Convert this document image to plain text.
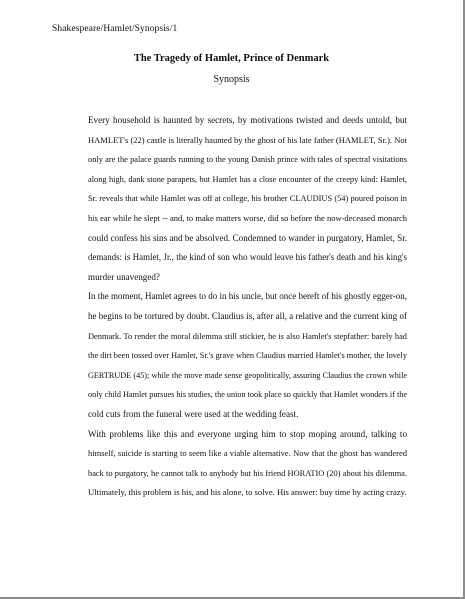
Shakespeare/Hamlet/Synopsis/1
The Tragedy of Hamlet, Prince of Denmark
Synopsis
Every household is haunted by secrets, by motivations twisted and deeds untold, but
HAMLET's (22) castle is literally haunted by the ghost of his late father (HAMLET, Sr.). Not
only are the palace guards running to the young Danish prince with tales of spectral visitations
along high, dank stone parapets, but Hamlet has a close encounter of the creepy kind: Hamlet,
Sr. reveals that while Hamlet was off at college, his brother CLAUDIUS (54) poured poison in
his ear while he slept -- and, to make matters worse, did so before the now-deceased monarch
could confess his sins and be absolved. Condemned to wander in purgatory, Hamlet, Sr.
demands: is Hamlet, Jr., the kind of son who would leave his father's death and his king's
murder unavenged?
In the moment, Hamlet agrees to do in his uncle, but once bereft of his ghostly egger-on,
he begins to be tortured by doubt. Claudius is, after all, a relative and the current king of
Denmark. To render the moral dilemma still stickier, he is also Hamlet's stepfather: barely had
the dirt been tossed over Hamlet, Sr.'s grave when Claudius married Hamlet's mother, the lovely
GERTRUDE (45); while the move made sense geopolitically, assuring Claudius the crown while
only child Hamlet pursues his studies, the union took place so quickly that Hamlet wonders if the
cold cuts from the funeral were used at the wedding feast.
With problems like this and everyone urging him to stop moping around, talking to
himself, suicide is starting to seem like a viable alternative. Now that the ghost has wandered
back to purgatory, he cannot talk to anybody but his friend HORATIO (20) about his dilemma.
Ultimately, this problem is his, and his alone, to solve. His answer: buy time by acting crazy.
